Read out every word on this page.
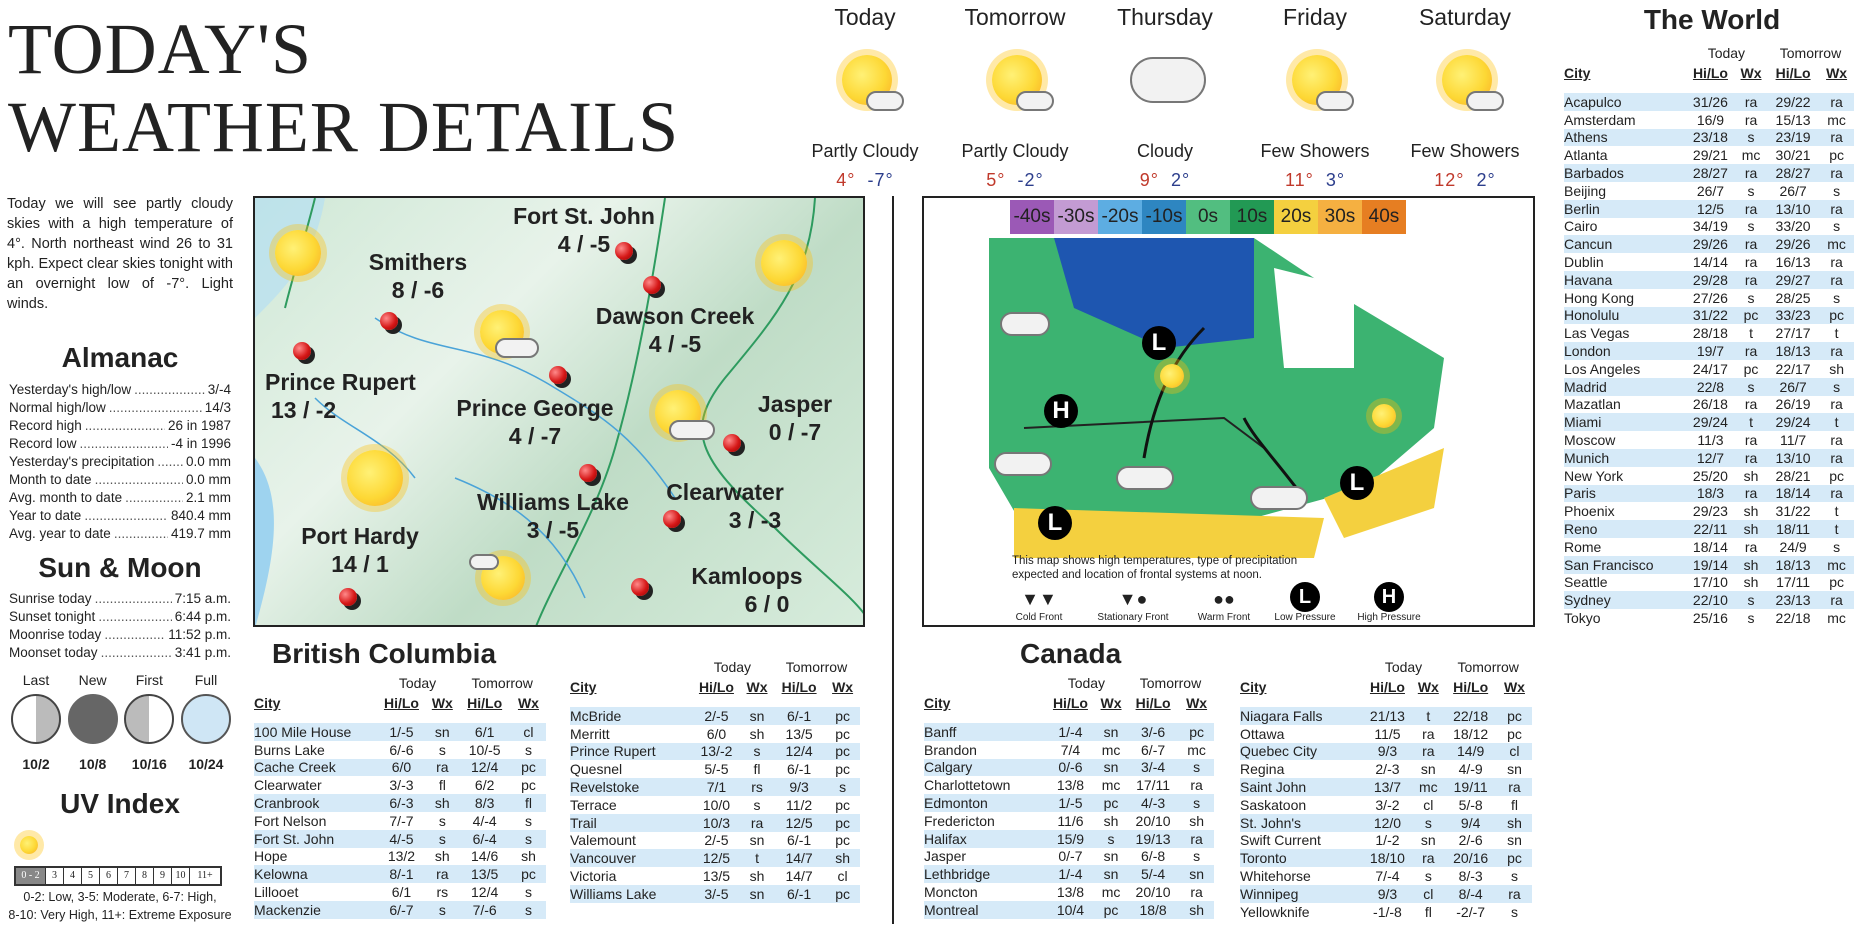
TODAY'S
WEATHER DETAILS
Today we will see partly cloudy skies with a high temperature of 4°. North northeast wind 26 to 31 kph. Expect clear skies tonight with an overnight low of -7°. Light winds.
Almanac
Yesterday's high/low .....	3/-4
Normal high/low .....	14/3
Record high .....	26 in 1987
Record low .....	-4 in 1996
Yesterday's precipitation ..... 0.0 mm
Month to date .....	0.0 mm
Avg. month to date .....	2.1 mm
Year to date .....	840.4 mm
Avg. year to date .....	419.7 mm
Sun & Moon
Sunrise today .....	7:15 a.m.
Sunset tonight .....	6:44 p.m.
Moonrise today .....	11:52 p.m.
Moonset today .....	3:41 p.m.
Last
10/2
New
10/8
First
10/16
Full
10/24
UV Index
0 - 2	3	4	5	6	7	8	9	10	11+
0-2: Low, 3-5: Moderate, 6-7: High,
8-10: Very High, 11+: Extreme Exposure
Today
Partly Cloudy
4° -7°
Tomorrow
Partly Cloudy
5° -2°
Thursday
Cloudy
9° 2°
Friday
Few Showers
11° 3°
Saturday
Few Showers
12° 2°
Fort St. John
4 / -5
Smithers
8 / -6
Dawson Creek
4 / -5
Prince Rupert
13 / -2	Prince George
4 / -7
Jasper
0 / -7
Williams Lake
3 / -5
Clearwater
3 / -3
Port Hardy
14 / 1	Kamloops
6 / 0
-40s -30s -20s -10s 0s 10s 20s 30s 40s
L
H
L
L
This map shows high temperatures, type of precipitation
expected and location of frontal systems at noon.
▼▼
Cold Front
▼●
Stationary Front
●●
Warm Front
L
Low Pressure
H
High Pressure
British Columbia
	Today		Tomorrow	
City	Hi/Lo	Wx	Hi/Lo	Wx

100 Mile House	1/-5	sn	6/1	cl
Burns Lake	6/-6	s	10/-5	s
Cache Creek	6/0	ra	12/4	pc
Clearwater	3/-3	fl	6/2	pc
Cranbrook	6/-3	sh	8/3	fl
Fort Nelson	7/-7	s	4/-4	s
Fort St. John	4/-5	s	6/-4	s
Hope	13/2	sh	14/6	sh
Kelowna	8/-1	ra	13/5	pc
Lillooet	6/1	rs	12/4	s
Mackenzie	6/-7	s	7/-6	s
	Today		Tomorrow	
City	Hi/Lo	Wx	Hi/Lo	Wx

McBride	2/-5	sn	6/-1	pc
Merritt	6/0	sh	13/5	pc
Prince Rupert	13/-2	s	12/4	pc
Quesnel	5/-5	fl	6/-1	pc
Revelstoke	7/1	rs	9/3	s
Terrace	10/0	s	11/2	pc
Trail	10/3	ra	12/5	pc
Valemount	2/-5	sn	6/-1	pc
Vancouver	12/5	t	14/7	sh
Victoria	13/5	sh	14/7	cl
Williams Lake	3/-5	sn	6/-1	pc
Canada
	Today		Tomorrow	
City	Hi/Lo	Wx	Hi/Lo	Wx

Banff	1/-4	sn	3/-6	pc
Brandon	7/4	mc	6/-7	mc
Calgary	0/-6	sn	3/-4	s
Charlottetown	13/8	mc	17/11	ra
Edmonton	1/-5	pc	4/-3	s
Fredericton	11/6	sh	20/10	sh
Halifax	15/9	s	19/13	ra
Jasper	0/-7	sn	6/-8	s
Lethbridge	1/-4	sn	5/-4	sn
Moncton	13/8	mc	20/10	ra
Montreal	10/4	pc	18/8	sh
	Today		Tomorrow	
City	Hi/Lo	Wx	Hi/Lo	Wx

Niagara Falls	21/13	t	22/18	pc
Ottawa	11/5	ra	18/12	pc
Quebec City	9/3	ra	14/9	cl
Regina	2/-3	sn	4/-9	sn
Saint John	13/7	mc	19/11	ra
Saskatoon	3/-2	cl	5/-8	fl
St. John's	12/0	s	9/4	sh
Swift Current	1/-2	sn	2/-6	sn
Toronto	18/10	ra	20/16	pc
Whitehorse	7/-4	s	8/-3	s
Winnipeg	9/3	cl	8/-4	ra
Yellowknife	-1/-8	fl	-2/-7	s
The World
	Today		Tomorrow	
City	Hi/Lo	Wx	Hi/Lo	Wx

Acapulco	31/26	ra	29/22	ra
Amsterdam	16/9	ra	15/13	mc
Athens	23/18	s	23/19	ra
Atlanta	29/21	mc	30/21	pc
Barbados	28/27	ra	28/27	ra
Beijing	26/7	s	26/7	s
Berlin	12/5	ra	13/10	ra
Cairo	34/19	s	33/20	s
Cancun	29/26	ra	29/26	mc
Dublin	14/14	ra	16/13	ra
Havana	29/28	ra	29/27	ra
Hong Kong	27/26	s	28/25	s
Honolulu	31/22	pc	33/23	pc
Las Vegas	28/18	t	27/17	t
London	19/7	ra	18/13	ra
Los Angeles	24/17	pc	22/17	sh
Madrid	22/8	s	26/7	s
Mazatlan	26/18	ra	26/19	ra
Miami	29/24	t	29/24	t
Moscow	11/3	ra	11/7	ra
Munich	12/7	ra	13/10	ra
New York	25/20	sh	28/21	pc
Paris	18/3	ra	18/14	ra
Phoenix	29/23	sh	31/22	t
Reno	22/11	sh	18/11	t
Rome	18/14	ra	24/9	s
San Francisco	19/14	sh	18/13	mc
Seattle	17/10	sh	17/11	pc
Sydney	22/10	s	23/13	ra
Tokyo	25/16	s	22/18	mc
